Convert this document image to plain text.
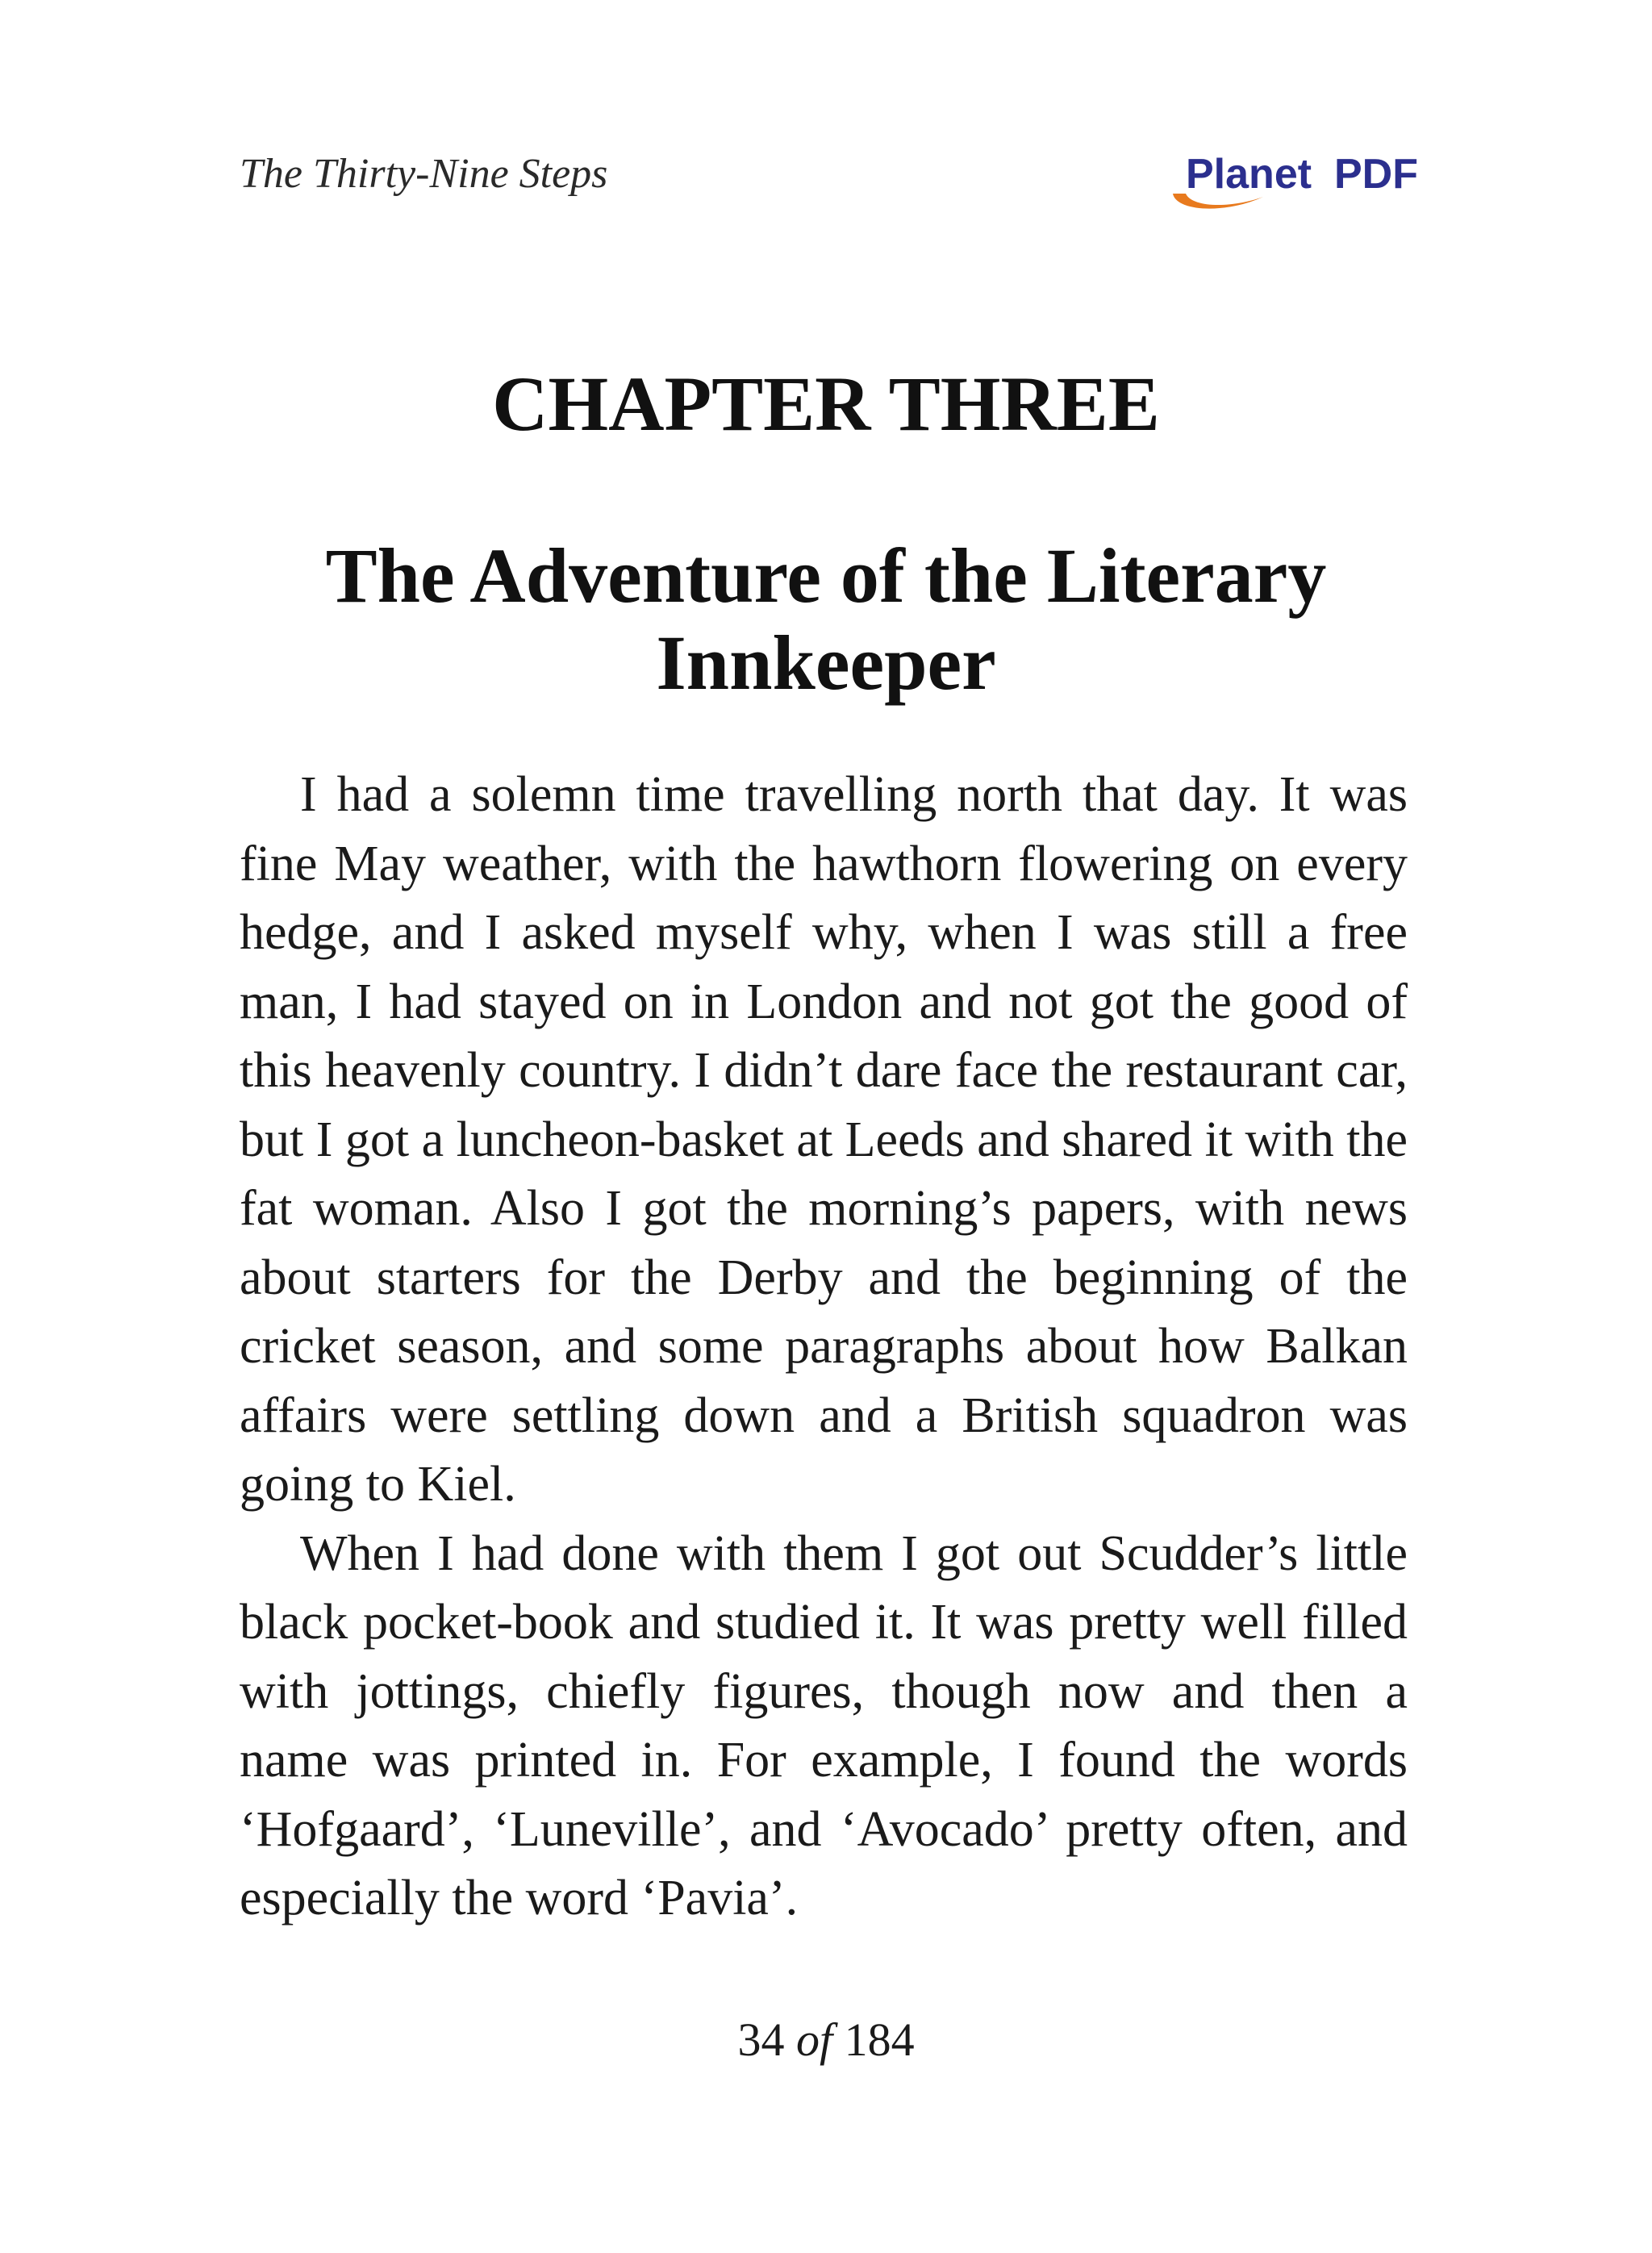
The Thirty-Nine Steps	Planet PDF
CHAPTER THREE
The Adventure of the Literary
Innkeeper

I had a solemn time travelling north that day. It was fine May weather, with the hawthorn flowering on every hedge, and I asked myself why, when I was still a free man, I had stayed on in London and not got the good of this heavenly country. I didn’t dare face the restaurant car, but I got a luncheon-basket at Leeds and shared it with the fat woman. Also I got the morning’s papers, with news about starters for the Derby and the beginning of the cricket season, and some paragraphs about how Balkan affairs were settling down and a British squadron was going to Kiel.

When I had done with them I got out Scudder’s little black pocket-book and studied it. It was pretty well filled with jottings, chiefly figures, though now and then a name was printed in. For example, I found the words ‘Hofgaard’, ‘Luneville’, and ‘Avocado’ pretty often, and especially the word ‘Pavia’.

34 of 184
